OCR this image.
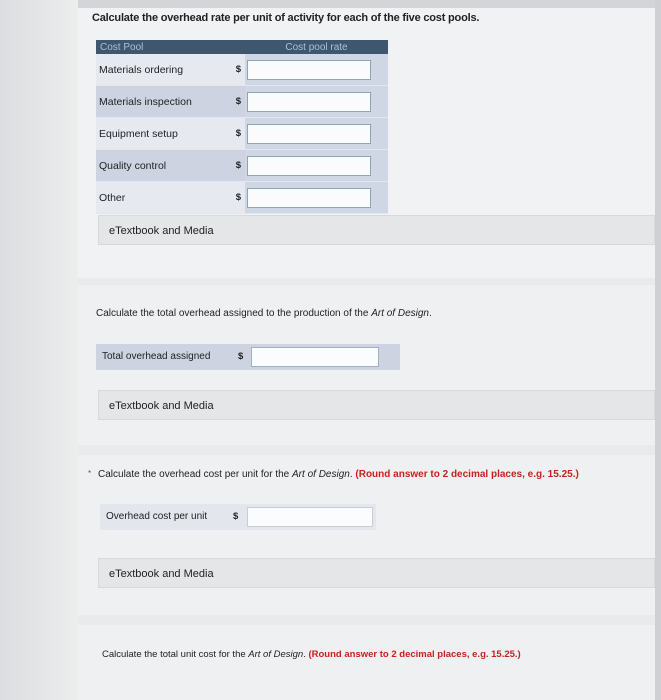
Calculate the overhead rate per unit of activity for each of the five cost pools.
Cost Pool		Cost pool rate
Materials ordering	$	

Materials inspection	$	

Equipment setup	$	

Quality control	$	

Other	$	
eTextbook and Media
Calculate the total overhead assigned to the production of the Art of Design.
Total overhead assigned	$
eTextbook and Media
* Calculate the overhead cost per unit for the Art of Design. (Round answer to 2 decimal places, e.g. 15.25.)
Overhead cost per unit	$
eTextbook and Media
Calculate the total unit cost for the Art of Design. (Round answer to 2 decimal places, e.g. 15.25.)
